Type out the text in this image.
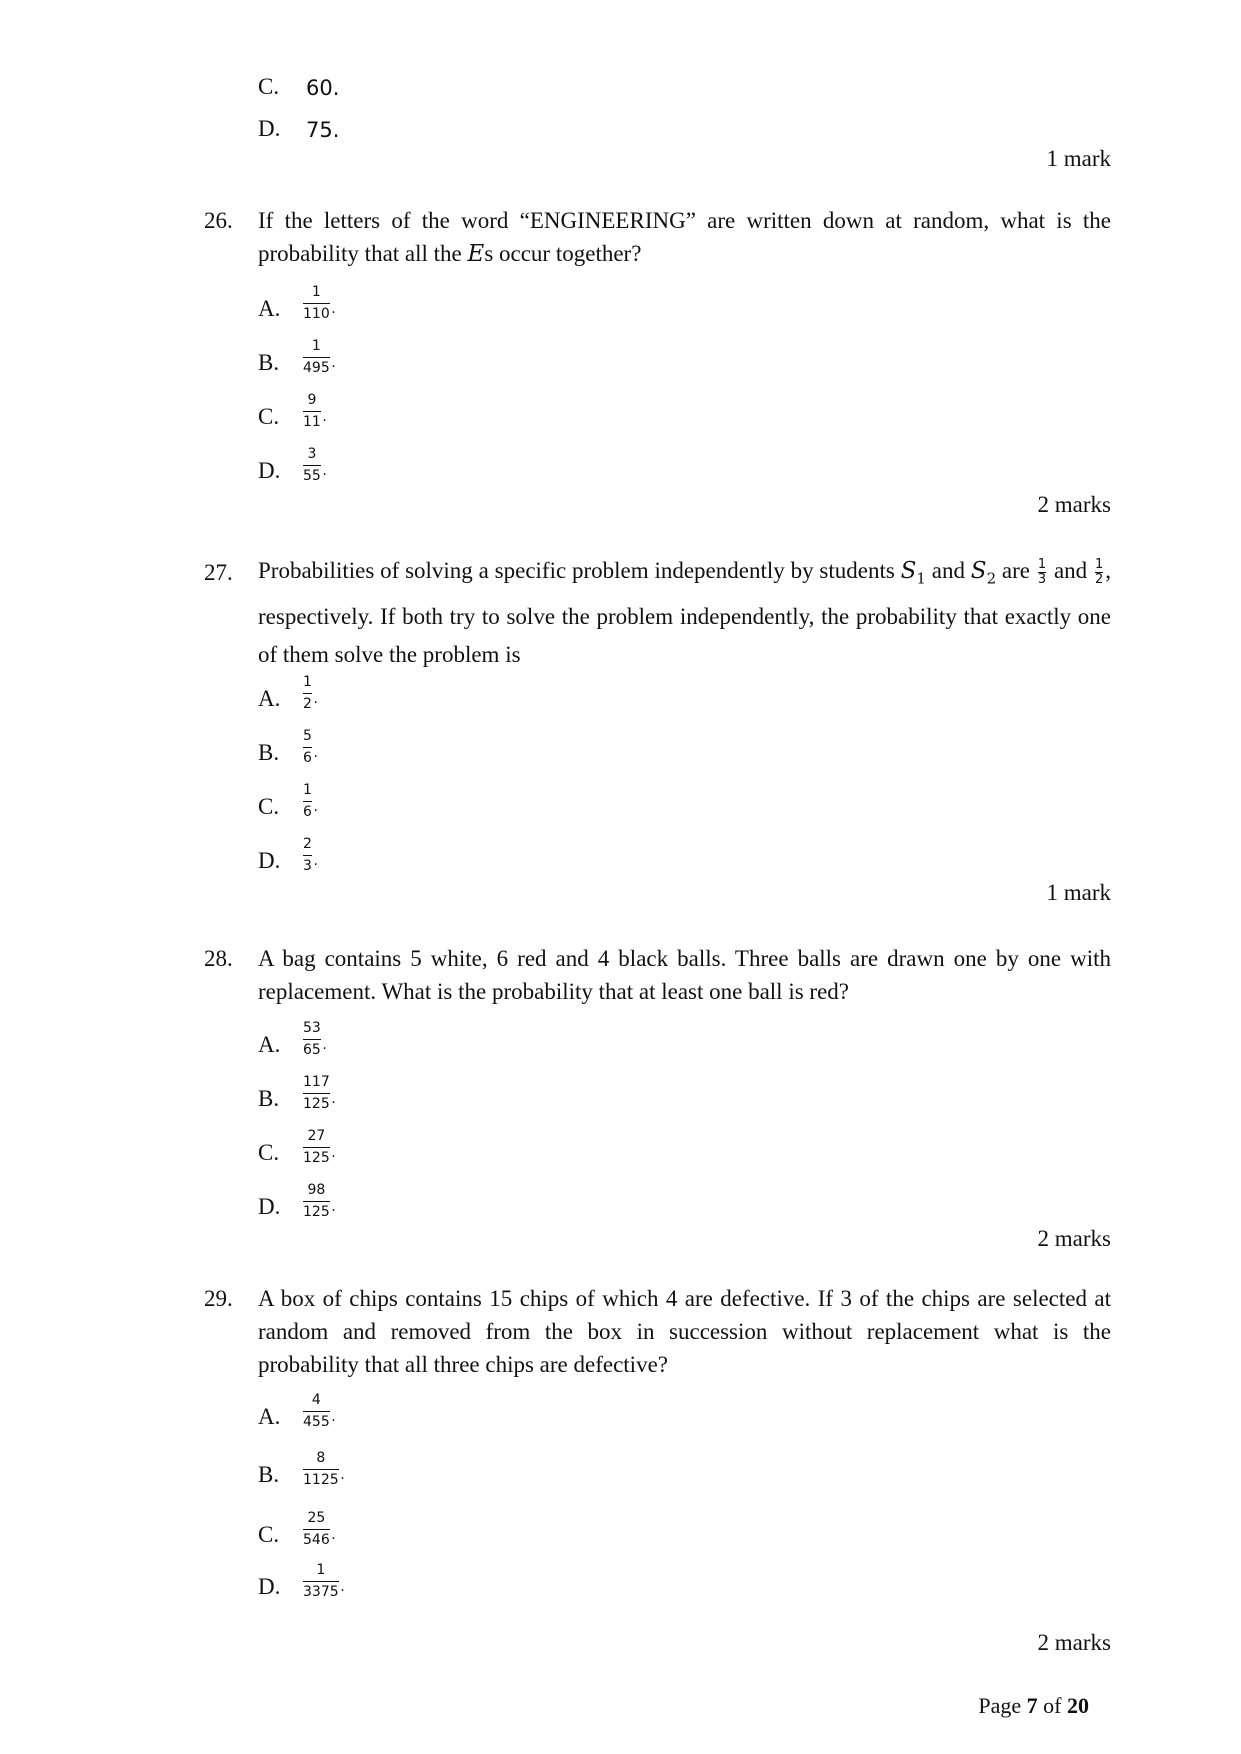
C. 60.
D. 75.
1 mark
26. If the letters of the word “ENGINEERING” are written down at random, what is the probability that all the Es occur together?
A.
1
110 .
B.
1
495 .
C.
9
11 .
D.
3
55 .
2 marks
27. Probabilities of solving a specific problem independently by students $S_1$ and $S_2$ are $\frac{1}{3}$ and $\frac{1}{2}$ , respectively. If both try to solve the problem independently, the probability that exactly one of them solve the problem is
A.
1
2 .
B.
5
6 .
C.
1
6 .
D.
2
3 .
1 mark
28. A bag contains 5 white, 6 red and 4 black balls. Three balls are drawn one by one with replacement. What is the probability that at least one ball is red?
A.
53
65 .
B.
117
125 .
C.
27
125 .
D.
98
125 .
2 marks
29. A box of chips contains 15 chips of which 4 are defective. If 3 of the chips are selected at random and removed from the box in succession without replacement what is the probability that all three chips are defective?
A.
4
455 .
B.
8
1125 .
C.
25
546 .
D.
1
3375 .
2 marks
Page 7 of 20
